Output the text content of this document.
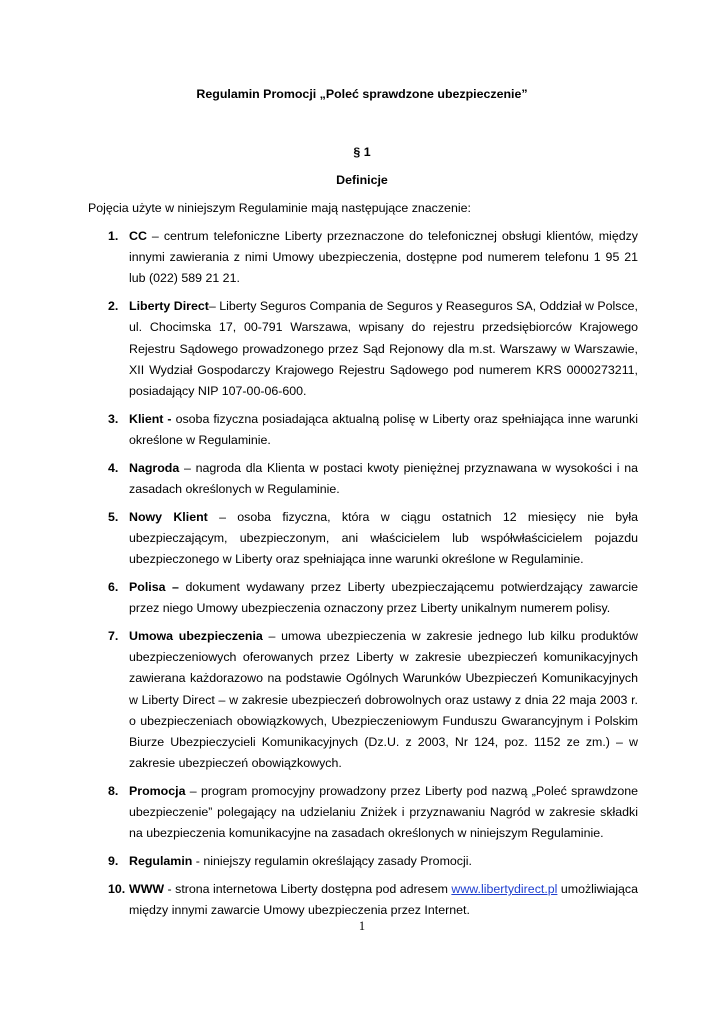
Regulamin Promocji „Poleć sprawdzone ubezpieczenie”
§ 1
Definicje
Pojęcia użyte w niniejszym Regulaminie mają następujące znaczenie:
1. CC – centrum telefoniczne Liberty przeznaczone do telefonicznej obsługi klientów, między innymi zawierania z nimi Umowy ubezpieczenia, dostępne pod numerem telefonu 1 95 21 lub (022) 589 21 21.
2. Liberty Direct– Liberty Seguros Compania de Seguros y Reaseguros SA, Oddział w Polsce, ul. Chocimska 17, 00-791 Warszawa, wpisany do rejestru przedsiębiorców Krajowego Rejestru Sądowego prowadzonego przez Sąd Rejonowy dla m.st. Warszawy w Warszawie, XII Wydział Gospodarczy Krajowego Rejestru Sądowego pod numerem KRS 0000273211, posiadający NIP 107-00-06-600.
3. Klient - osoba fizyczna posiadająca aktualną polisę w Liberty oraz spełniająca inne warunki określone w Regulaminie.
4. Nagroda – nagroda dla Klienta w postaci kwoty pieniężnej przyznawana w wysokości i na zasadach określonych w Regulaminie.
5. Nowy Klient – osoba fizyczna, która w ciągu ostatnich 12 miesięcy nie była ubezpieczającym, ubezpieczonym, ani właścicielem lub współwłaścicielem pojazdu ubezpieczonego w Liberty oraz spełniająca inne warunki określone w Regulaminie.
6. Polisa – dokument wydawany przez Liberty ubezpieczającemu potwierdzający zawarcie przez niego Umowy ubezpieczenia oznaczony przez Liberty unikalnym numerem polisy.
7. Umowa ubezpieczenia – umowa ubezpieczenia w zakresie jednego lub kilku produktów ubezpieczeniowych oferowanych przez Liberty w zakresie ubezpieczeń komunikacyjnych zawierana każdorazowo na podstawie Ogólnych Warunków Ubezpieczeń Komunikacyjnych w Liberty Direct – w zakresie ubezpieczeń dobrowolnych oraz ustawy z dnia 22 maja 2003 r. o ubezpieczeniach obowiązkowych, Ubezpieczeniowym Funduszu Gwarancyjnym i Polskim Biurze Ubezpieczycieli Komunikacyjnych (Dz.U. z 2003, Nr 124, poz. 1152 ze zm.) – w zakresie ubezpieczeń obowiązkowych.
8. Promocja – program promocyjny prowadzony przez Liberty pod nazwą „Poleć sprawdzone ubezpieczenie” polegający na udzielaniu Zniżek i przyznawaniu Nagród w zakresie składki na ubezpieczenia komunikacyjne na zasadach określonych w niniejszym Regulaminie.
9. Regulamin - niniejszy regulamin określający zasady Promocji.
10. WWW - strona internetowa Liberty dostępna pod adresem www.libertydirect.pl umożliwiająca między innymi zawarcie Umowy ubezpieczenia przez Internet.
1
